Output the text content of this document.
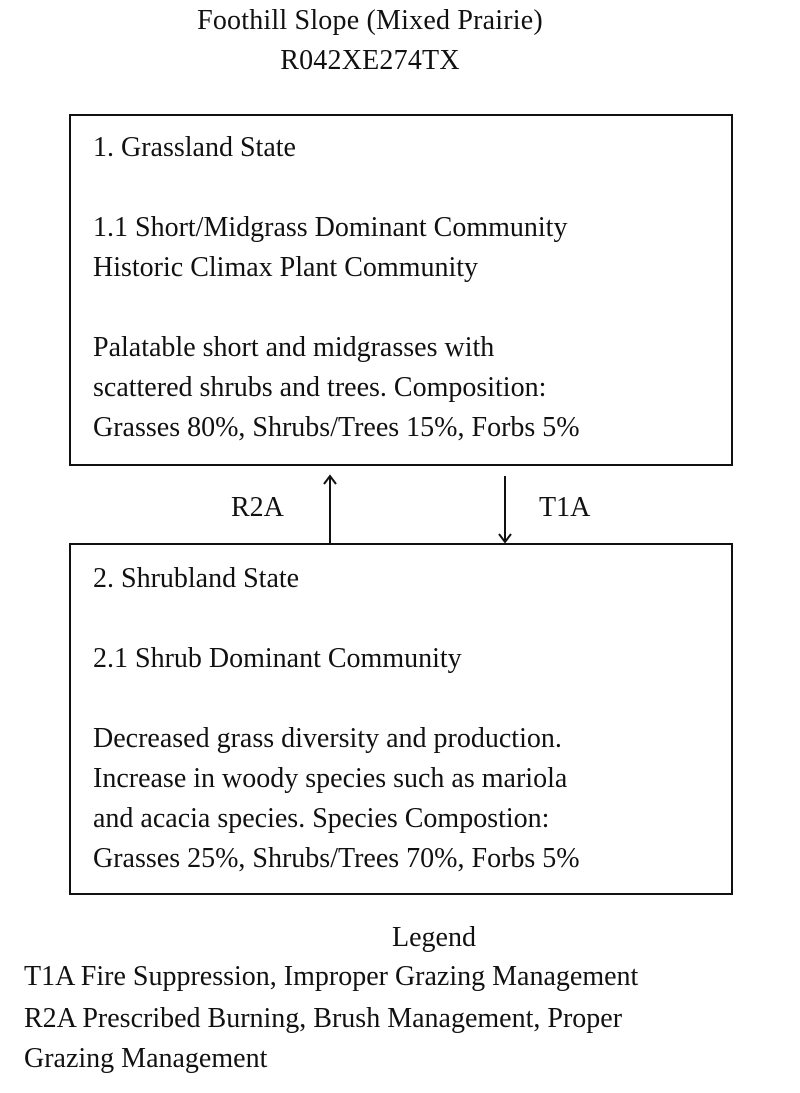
Foothill Slope (Mixed Prairie)
R042XE274TX

1. Grassland State

1.1 Short/Midgrass Dominant Community

Historic Climax Plant Community

Palatable short and midgrasses with

scattered shrubs and trees. Composition:

Grasses 80%, Shrubs/Trees 15%, Forbs 5%

R2A	T1A

2. Shrubland State

2.1 Shrub Dominant Community

Decreased grass diversity and production.

Increase in woody species such as mariola

and acacia species. Species Compostion:

Grasses 25%, Shrubs/Trees 70%, Forbs 5%

Legend
T1A Fire Suppression, Improper Grazing Management
R2A Prescribed Burning, Brush Management, Proper
Grazing Management
